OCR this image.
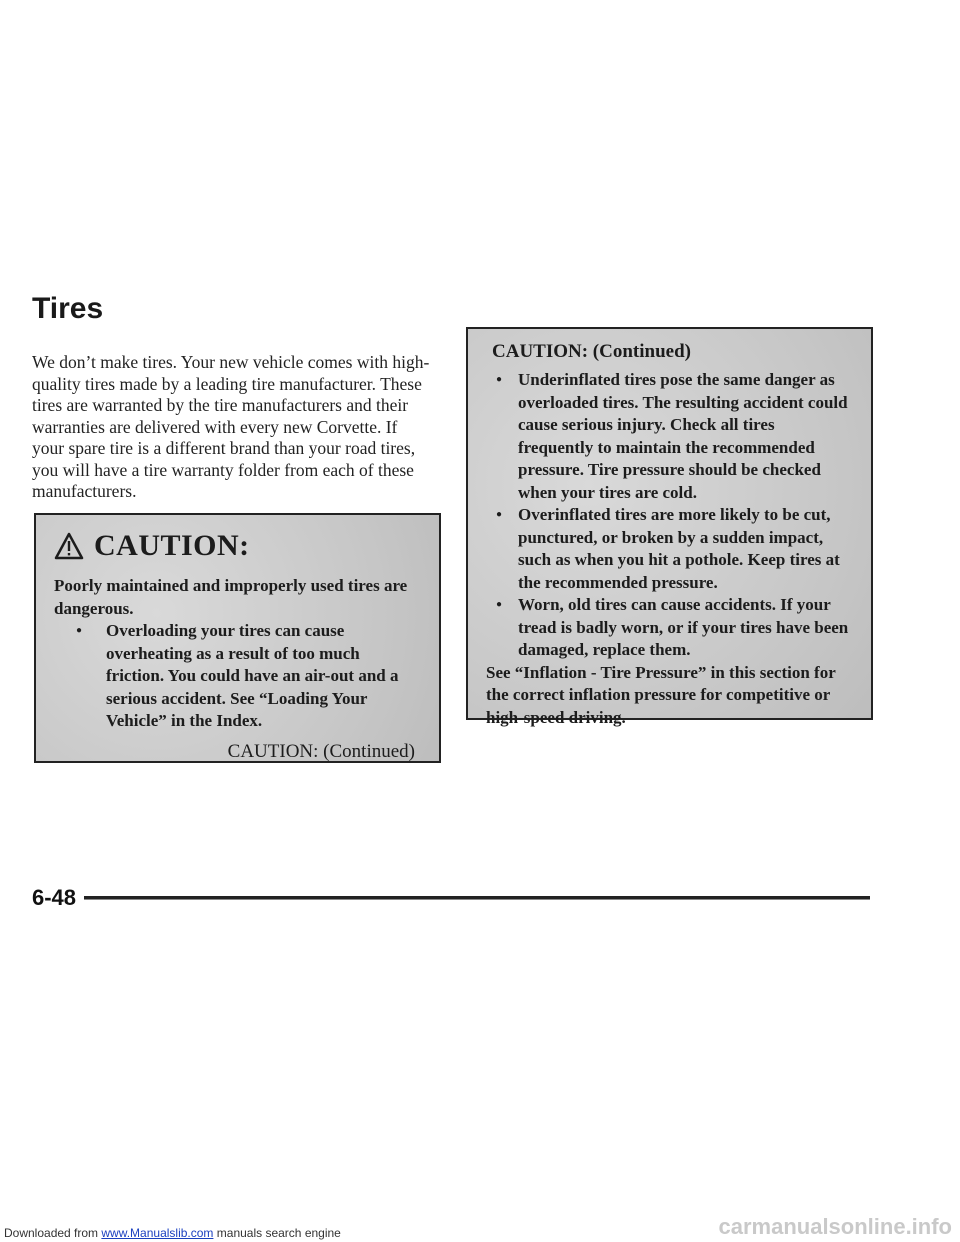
Tires

We don’t make tires. Your new vehicle comes with high-quality tires made by a leading tire manufacturer. These tires are warranted by the tire manufacturers and their warranties are delivered with every new Corvette. If your spare tire is a different brand than your road tires, you will have a tire warranty folder from each of these manufacturers.

CAUTION:

Poorly maintained and improperly used tires are dangerous.

●	Overloading your tires can cause overheating as a result of too much friction. You could have an air-out and a serious accident. See “Loading Your Vehicle” in the Index.
CAUTION: (Continued)
CAUTION: (Continued)
● Underinflated tires pose the same danger as overloaded tires. The resulting accident could cause serious injury. Check all tires frequently to maintain the recommended pressure. Tire pressure should be checked when your tires are cold.
● Overinflated tires are more likely to be cut, punctured, or broken by a sudden impact, such as when you hit a pothole. Keep tires at the recommended pressure.
● Worn, old tires can cause accidents. If your tread is badly worn, or if your tires have been damaged, replace them.

See “Inflation - Tire Pressure” in this section for the correct inflation pressure for competitive or high-speed driving.

6-48
Downloaded from www.Manualslib.com manuals search engine	carmanualsonline.info
